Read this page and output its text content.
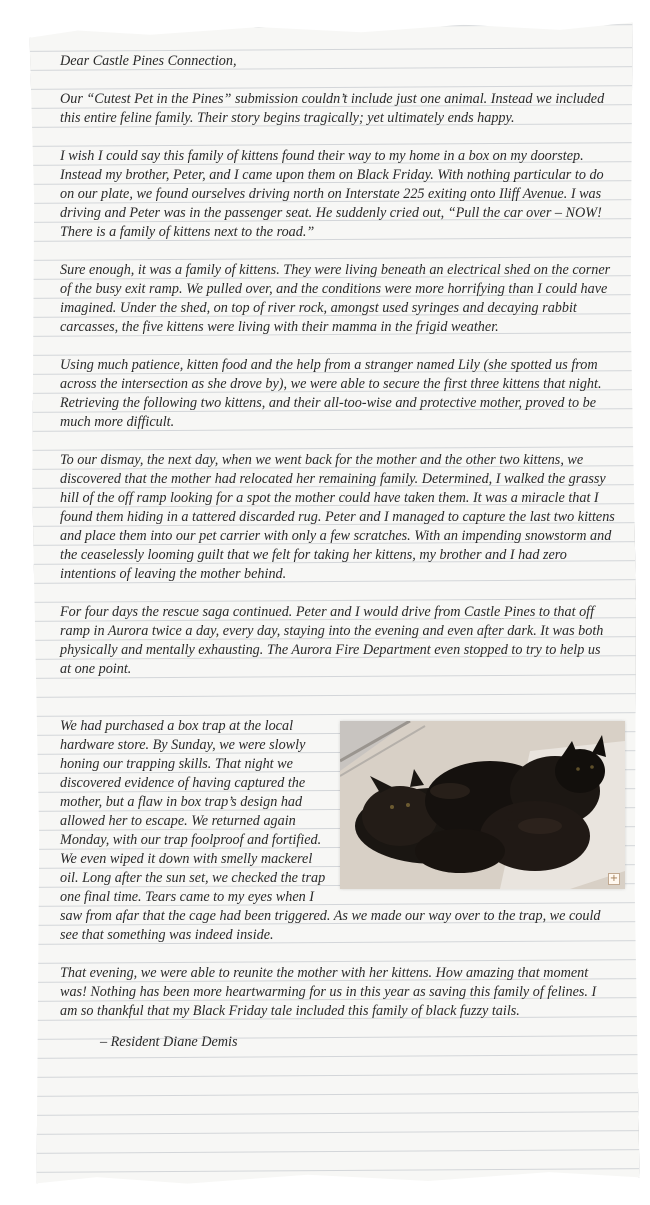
Dear Castle Pines Connection,

Our “Cutest Pet in the Pines” submission couldn’t include just one animal. Instead we included this entire feline family. Their story begins tragically; yet ultimately ends happy.

I wish I could say this family of kittens found their way to my home in a box on my doorstep. Instead my brother, Peter, and I came upon them on Black Friday. With nothing particular to do on our plate, we found ourselves driving north on Interstate 225 exiting onto Iliff Avenue. I was driving and Peter was in the passenger seat. He suddenly cried out, “Pull the car over – NOW! There is a family of kittens next to the road.”

Sure enough, it was a family of kittens. They were living beneath an electrical shed on the corner of the busy exit ramp. We pulled over, and the conditions were more horrifying than I could have imagined. Under the shed, on top of river rock, amongst used syringes and decaying rabbit carcasses, the five kittens were living with their mamma in the frigid weather.

Using much patience, kitten food and the help from a stranger named Lily (she spotted us from across the intersection as she drove by), we were able to secure the first three kittens that night. Retrieving the following two kittens, and their all-too-wise and protective mother, proved to be much more difficult.

To our dismay, the next day, when we went back for the mother and the other two kittens, we discovered that the mother had relocated her remaining family. Determined, I walked the grassy hill of the off ramp looking for a spot the mother could have taken them. It was a miracle that I found them hiding in a tattered discarded rug. Peter and I managed to capture the last two kittens and place them into our pet carrier with only a few scratches. With an impending snowstorm and the ceaselessly looming guilt that we felt for taking her kittens, my brother and I had zero intentions of leaving the mother behind.

For four days the rescue saga continued. Peter and I would drive from Castle Pines to that off ramp in Aurora twice a day, every day, staying into the evening and even after dark. It was both physically and mentally exhausting. The Aurora Fire Department even stopped to try to help us at one point.

+
We had purchased a box trap at the local hardware store. By Sunday, we were slowly honing our trapping skills. That night we discovered evidence of having captured the mother, but a flaw in box trap’s design had allowed her to escape. We returned again Monday, with our trap foolproof and fortified. We even wiped it down with smelly mackerel oil. Long after the sun set, we checked the trap one final time. Tears came to my eyes when I saw from afar that the cage had been triggered. As we made our way over to the trap, we could see that something was indeed inside.

That evening, we were able to reunite the mother with her kittens. How amazing that moment was! Nothing has been more heartwarming for us in this year as saving this family of felines. I am so thankful that my Black Friday tale included this family of black fuzzy tails.

– Resident Diane Demis
